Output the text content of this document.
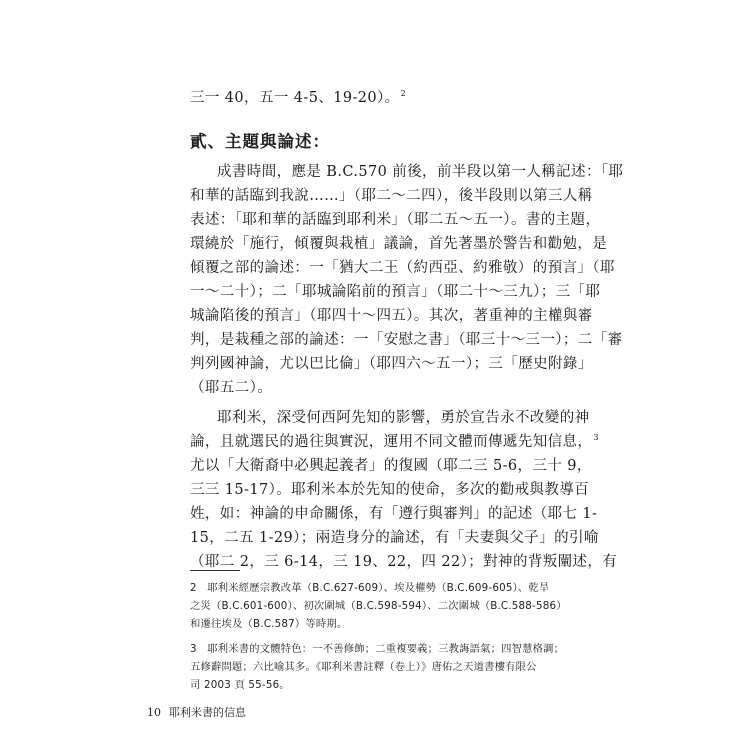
三一 40，五一 4-5、19-20）。$^2$
貳、主題與論述：
成書時間，應是 B.C.570 前後，前半段以第一人稱記述：「耶
和華的話臨到我說……」（耶二～二四），後半段則以第三人稱
表述：「耶和華的話臨到耶利米」（耶二五～五一）。書的主題，
環繞於「施行，傾覆與栽植」議論，首先著墨於警告和勸勉，是
傾覆之部的論述：一「猶大二王（約西亞、約雅敬）的預言」（耶
一～二十）；二「耶城論陷前的預言」（耶二十～三九）；三「耶
城論陷後的預言」（耶四十～四五）。其次，著重神的主權與審
判，是栽種之部的論述：一「安慰之書」（耶三十～三一）；二「審
判列國神論，尤以巴比倫」（耶四六～五一）；三「歷史附錄」
（耶五二）。
耶利米，深受何西阿先知的影響，勇於宣告永不改變的神
論，且就選民的過往與實況，運用不同文體而傳遞先知信息，$^3$
尤以「大衛裔中必興起義者」的復國（耶二三 5-6，三十 9，
三三 15-17）。耶利米本於先知的使命，多次的勸戒與教導百
姓，如：神論的申命關係，有「遵行與審判」的記述（耶七 1-
15，二五 1-29）；兩造身分的論述，有「夫妻與父子」的引喻
（耶二 2，三 6-14，三 19、22，四 22）；對神的背叛闡述，有
2　耶利米經歷宗教改革（B.C.627-609）、埃及權勢（B.C.609-605）、乾旱
之災（B.C.601-600）、初次圍城（B.C.598-594）、二次圍城（B.C.588-586）
和遷往埃及（B.C.587）等時期。
3　耶利米書的文體特色：一不善修飾；二重複要義；三教誨語氣；四智慧格調；
五修辭問題；六比喻其多。《耶利米書註釋（卷上）》唐佑之天道書樓有限公
司 2003 頁 55-56。
10 耶利米書的信息
